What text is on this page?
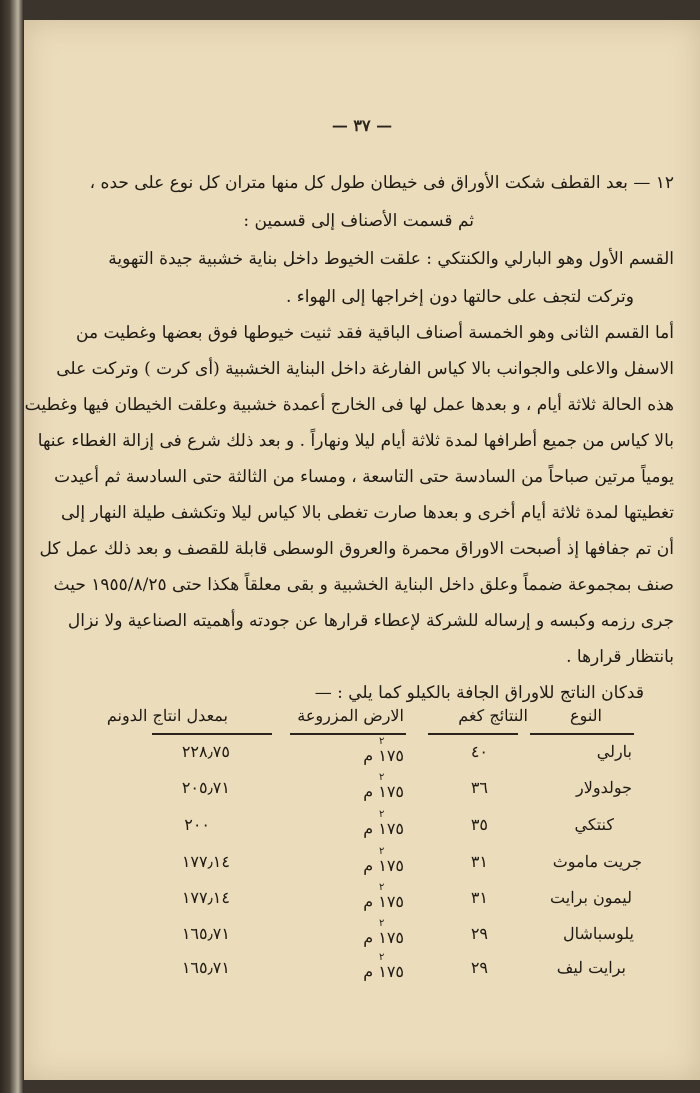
— ٣٧ —
١٢ — بعد القطف شكت الأوراق فى خيطان طول كل منها متران كل نوع على حده ،
ثم قسمت الأصناف إلى قسمين :
القسم الأول وهو البارلي والكنتكي : علقت الخيوط داخل بناية خشبية جيدة التهوية
وتركت لتجف على حالتها دون إخراجها إلى الهواء .
أما القسم الثانى وهو الخمسة أصناف الباقية فقد ثنيت خيوطها فوق بعضها وغطيت من
الاسفل والاعلى والجوانب بالا كياس الفارغة داخل البناية الخشبية (أى كرت ) وتركت على
هذه الحالة ثلاثة أيام ، و بعدها عمل لها فى الخارج أعمدة خشبية وعلقت الخيطان فيها وغطيت
بالا كياس من جميع أطرافها لمدة ثلاثة أيام ليلا ونهاراً . و بعد ذلك شرع فى إزالة الغطاء عنها
يومياً مرتين صباحاً من السادسة حتى التاسعة ، ومساء من الثالثة حتى السادسة ثم أعيدت
تغطيتها لمدة ثلاثة أيام أخرى و بعدها صارت تغطى بالا كياس ليلا وتكشف طيلة النهار إلى
أن تم جفافها إذ أصبحت الاوراق محمرة والعروق الوسطى قابلة للقصف و بعد ذلك عمل كل
صنف بمجموعة ضمماً وعلق داخل البناية الخشبية و بقى معلقاً هكذا حتى ١٩٥٥/٨/٢٥ حيث
جرى رزمه وكبسه و إرساله للشركة لإعطاء قرارها عن جودته وأهميته الصناعية ولا نزال
بانتظار قرارها .
قدكان الناتج للاوراق الجافة بالكيلو كما يلي : —
النوع
النتائج كغم
الارض المزروعة
بمعدل انتاج الدونم
بارلي
٤٠
١٧٥ م
٢
٢٢٨٫٧٥
جولدولار
٣٦
١٧٥ م
٢
٢٠٥٫٧١
كنتكي
٣٥
١٧٥ م
٢
٢٠٠
جريت ماموث
٣١
١٧٥ م
٢
١٧٧٫١٤
ليمون برايت
٣١
١٧٥ م
٢
١٧٧٫١٤
يلوسباشال
٢٩
١٧٥ م
٢
١٦٥٫٧١
برايت ليف
٢٩
١٧٥ م
٢
١٦٥٫٧١
